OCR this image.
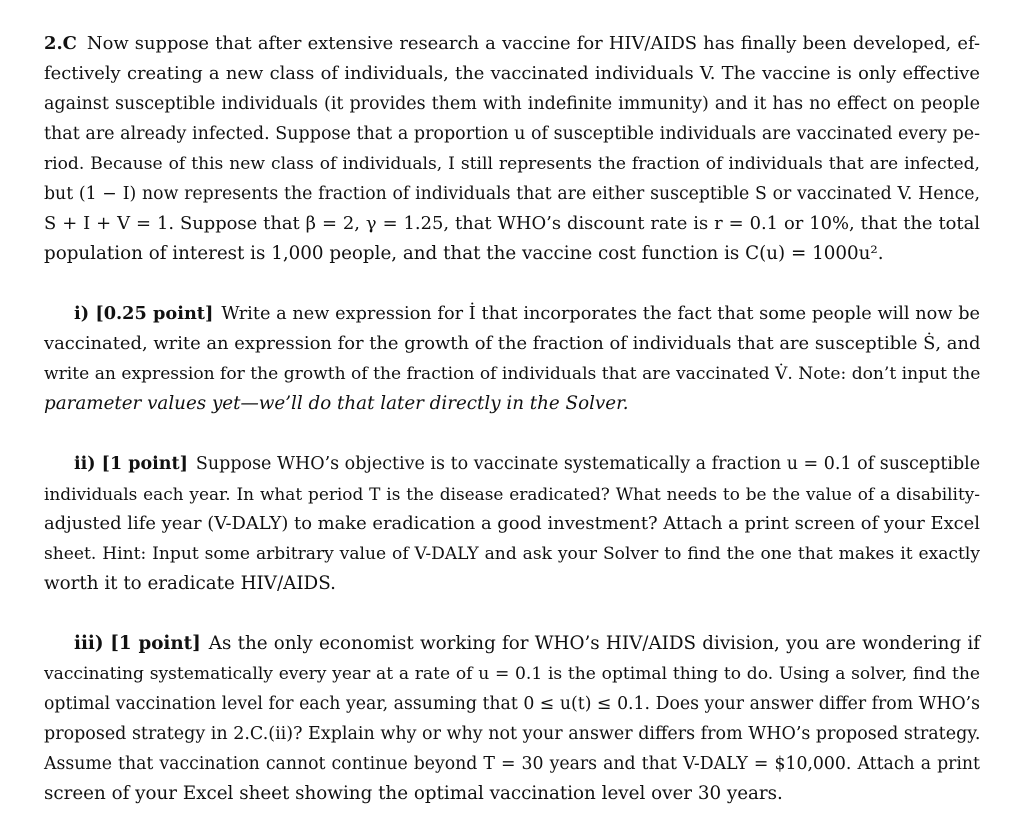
2.C Now suppose that after extensive research a vaccine for HIV/AIDS has finally been developed, ef-
fectively creating a new class of individuals, the vaccinated individuals V. The vaccine is only effective
against susceptible individuals (it provides them with indefinite immunity) and it has no effect on people
that are already infected. Suppose that a proportion u of susceptible individuals are vaccinated every pe-
riod. Because of this new class of individuals, I still represents the fraction of individuals that are infected,
but (1 − I) now represents the fraction of individuals that are either susceptible S or vaccinated V. Hence,
S + I + V = 1. Suppose that β = 2, γ = 1.25, that WHO’s discount rate is r = 0.1 or 10%, that the total
population of interest is 1,000 people, and that the vaccine cost function is C(u) = 1000u².
i) [0.25 point] Write a new expression for İ that incorporates the fact that some people will now be
vaccinated, write an expression for the growth of the fraction of individuals that are susceptible Ṡ, and
write an expression for the growth of the fraction of individuals that are vaccinated V̇. Note: don’t input the
parameter values yet—we’ll do that later directly in the Solver.
ii) [1 point] Suppose WHO’s objective is to vaccinate systematically a fraction u = 0.1 of susceptible
individuals each year. In what period T is the disease eradicated? What needs to be the value of a disability-
adjusted life year (V-DALY) to make eradication a good investment? Attach a print screen of your Excel
sheet. Hint: Input some arbitrary value of V-DALY and ask your Solver to find the one that makes it exactly
worth it to eradicate HIV/AIDS.
iii) [1 point] As the only economist working for WHO’s HIV/AIDS division, you are wondering if
vaccinating systematically every year at a rate of u = 0.1 is the optimal thing to do. Using a solver, find the
optimal vaccination level for each year, assuming that 0 ≤ u(t) ≤ 0.1. Does your answer differ from WHO’s
proposed strategy in 2.C.(ii)? Explain why or why not your answer differs from WHO’s proposed strategy.
Assume that vaccination cannot continue beyond T = 30 years and that V-DALY = $10,000. Attach a print
screen of your Excel sheet showing the optimal vaccination level over 30 years.
